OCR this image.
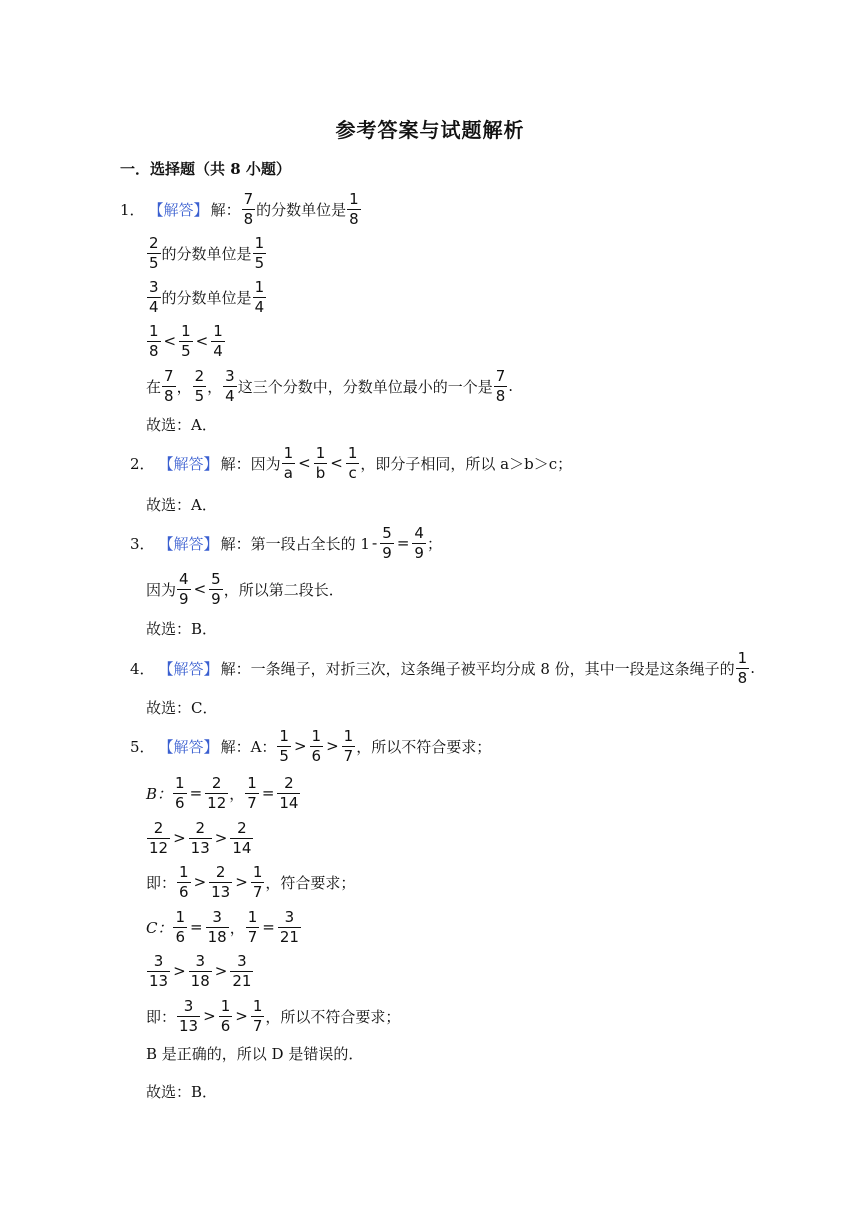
参考答案与试题解析
一．选择题（共 8 小题）
1． 【解答】 解： $\frac{7}{8}$ 的分数单位是 $\frac{1}{8}$
$\frac{2}{5}$ 的分数单位是 $\frac{1}{5}$
$\frac{3}{4}$ 的分数单位是 $\frac{1}{4}$
$\frac{1}{8} < \frac{1}{5} < \frac{1}{4}$
在 $\frac{7}{8}$ ， $\frac{2}{5}$ ， $\frac{3}{4}$ 这三个分数中，分数单位最小的一个是 $\frac{7}{8}$ .
故选：A．
2． 【解答】 解：因为 $\frac{1}{a} < \frac{1}{b} < \frac{1}{c}$ ，即分子相同，所以 a＞b＞c；
故选：A．
3． 【解答】 解：第一段占全长的 $1 - \frac{5}{9} = \frac{4}{9}$ ；
因为 $\frac{4}{9} < \frac{5}{9}$ ，所以第二段长．
故选：B．
4． 【解答】 解：一条绳子，对折三次，这条绳子被平均分成 8 份，其中一段是这条绳子的 $\frac{1}{8}$ .
故选：C．
5． 【解答】 解：A： $\frac{1}{5} > \frac{1}{6} > \frac{1}{7}$ ，所以不符合要求；
B： $\frac{1}{6} = \frac{2}{12}$ ， $\frac{1}{7} = \frac{2}{14}$
$\frac{2}{12} > \frac{2}{13} > \frac{2}{14}$
即： $\frac{1}{6} > \frac{2}{13} > \frac{1}{7}$ ，符合要求；
C： $\frac{1}{6} = \frac{3}{18}$ ， $\frac{1}{7} = \frac{3}{21}$
$\frac{3}{13} > \frac{3}{18} > \frac{3}{21}$
即： $\frac{3}{13} > \frac{1}{6} > \frac{1}{7}$ ，所以不符合要求；
B 是正确的，所以 D 是错误的．
故选：B．
